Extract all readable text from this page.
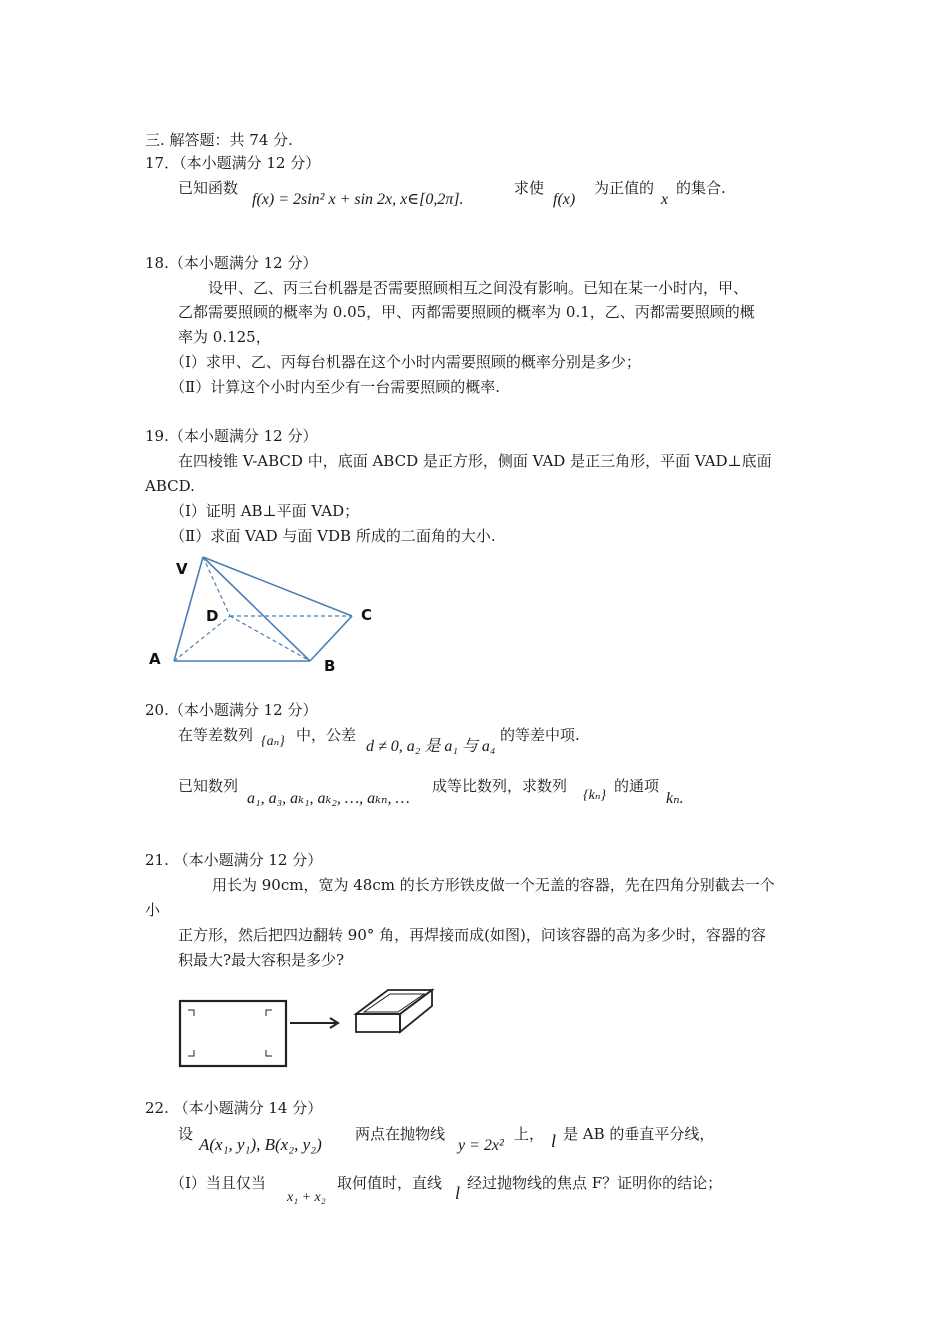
三. 解答题：共 74 分.
17．（本小题满分 12 分）
已知函数
f(x) = 2sin² x + sin 2x, x∈[0,2π].
求使
f(x)
为正值的
x
的集合.
18.（本小题满分 12 分）
设甲、乙、丙三台机器是否需要照顾相互之间没有影响。已知在某一小时内，甲、
乙都需要照顾的概率为 0.05，甲、丙都需要照顾的概率为 0.1，乙、丙都需要照顾的概
率为 0.125，
（Ⅰ）求甲、乙、丙每台机器在这个小时内需要照顾的概率分别是多少；
（Ⅱ）计算这个小时内至少有一台需要照顾的概率.
19.（本小题满分 12 分）
在四棱锥 V-ABCD 中，底面 ABCD 是正方形，侧面 VAD 是正三角形，平面 VAD⊥底面
ABCD.
（Ⅰ）证明 AB⊥平面 VAD；
（Ⅱ）求面 VAD 与面 VDB 所成的二面角的大小.
V
D	C
A	B
20.（本小题满分 12 分）
在等差数列 {aₙ} 中，公差
d ≠ 0, a₂ 是 a₁ 与 a₄
的等差中项.
已知数列
a₁, a₃, aₖ₁, aₖ₂, …, aₖₙ, …
成等比数列，求数列
{kₙ}
的通项
kₙ.
21. （本小题满分 12 分）
用长为 90cm，宽为 48cm 的长方形铁皮做一个无盖的容器，先在四角分别截去一个
小
正方形，然后把四边翻转 90° 角，再焊接而成(如图)，问该容器的高为多少时，容器的容
积最大?最大容积是多少?
22. （本小题满分 14 分）
设
A(x₁, y₁), B(x₂, y₂)
两点在抛物线
y = 2x²
上， l 是 AB 的垂直平分线，
（Ⅰ）当且仅当
x₁ + x₂
取何值时，直线 l 经过抛物线的焦点 F？证明你的结论；
